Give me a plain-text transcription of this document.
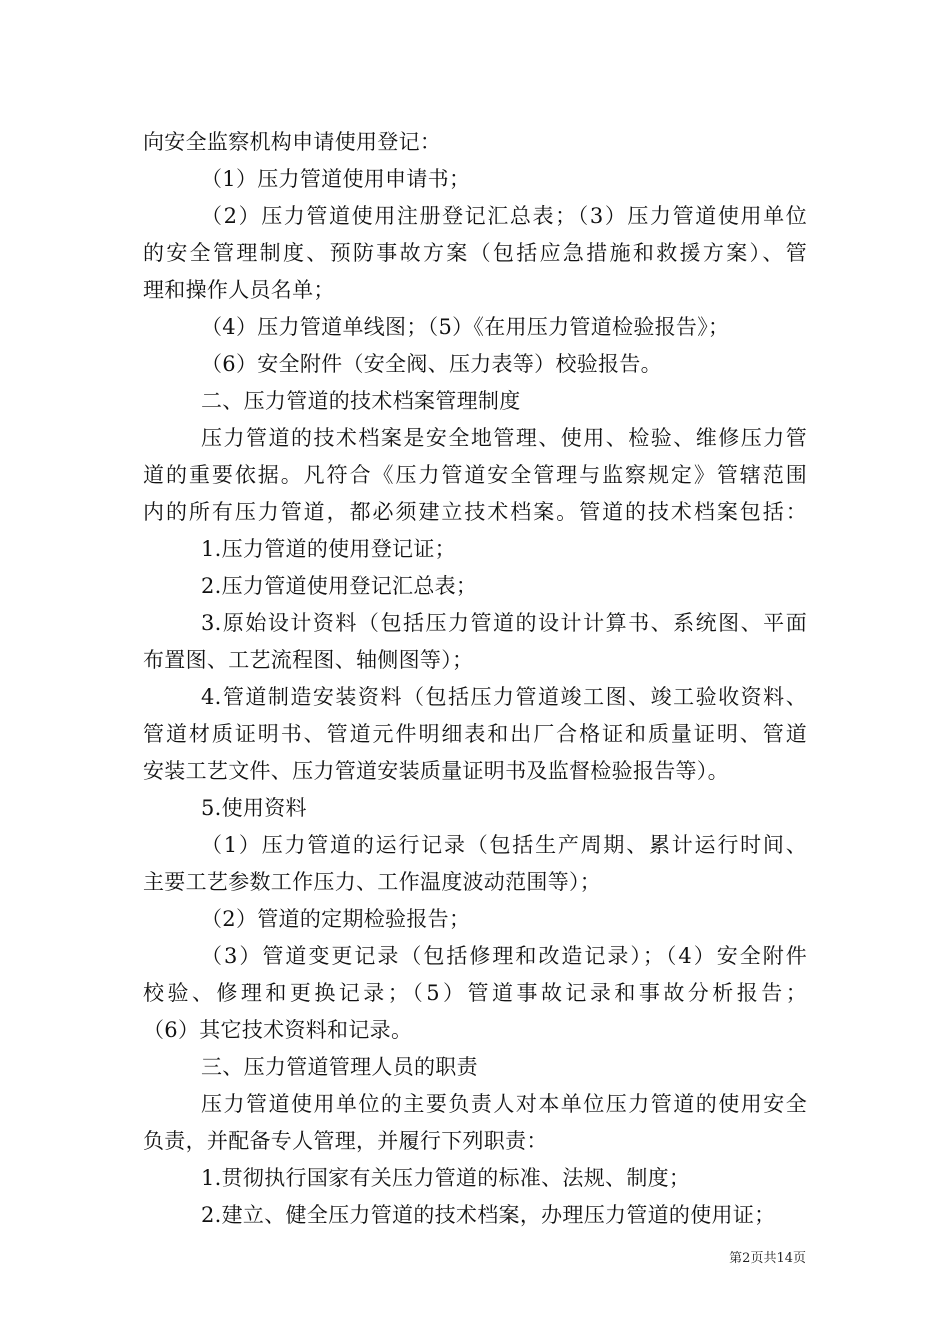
向安全监察机构申请使用登记：
（1）压力管道使用申请书；
（2）压力管道使用注册登记汇总表；（3）压力管道使用单位
的安全管理制度、预防事故方案（包括应急措施和救援方案）、管
理和操作人员名单；
（4）压力管道单线图；（5）《在用压力管道检验报告》；
（6）安全附件（安全阀、压力表等）校验报告。
二、压力管道的技术档案管理制度
压力管道的技术档案是安全地管理、使用、检验、维修压力管
道的重要依据。凡符合《压力管道安全管理与监察规定》管辖范围
内的所有压力管道，都必须建立技术档案。管道的技术档案包括：
1.压力管道的使用登记证；
2.压力管道使用登记汇总表；
3.原始设计资料（包括压力管道的设计计算书、系统图、平面
布置图、工艺流程图、轴侧图等）；
4.管道制造安装资料（包括压力管道竣工图、竣工验收资料、
管道材质证明书、管道元件明细表和出厂合格证和质量证明、管道
安装工艺文件、压力管道安装质量证明书及监督检验报告等）。
5.使用资料
（1）压力管道的运行记录（包括生产周期、累计运行时间、
主要工艺参数工作压力、工作温度波动范围等）；
（2）管道的定期检验报告；
（3）管道变更记录（包括修理和改造记录）；（4）安全附件
校验、修理和更换记录；（5）管道事故记录和事故分析报告；
（6）其它技术资料和记录。
三、压力管道管理人员的职责
压力管道使用单位的主要负责人对本单位压力管道的使用安全
负责，并配备专人管理，并履行下列职责：
1.贯彻执行国家有关压力管道的标准、法规、制度；
2.建立、健全压力管道的技术档案，办理压力管道的使用证；
第2页共14页
